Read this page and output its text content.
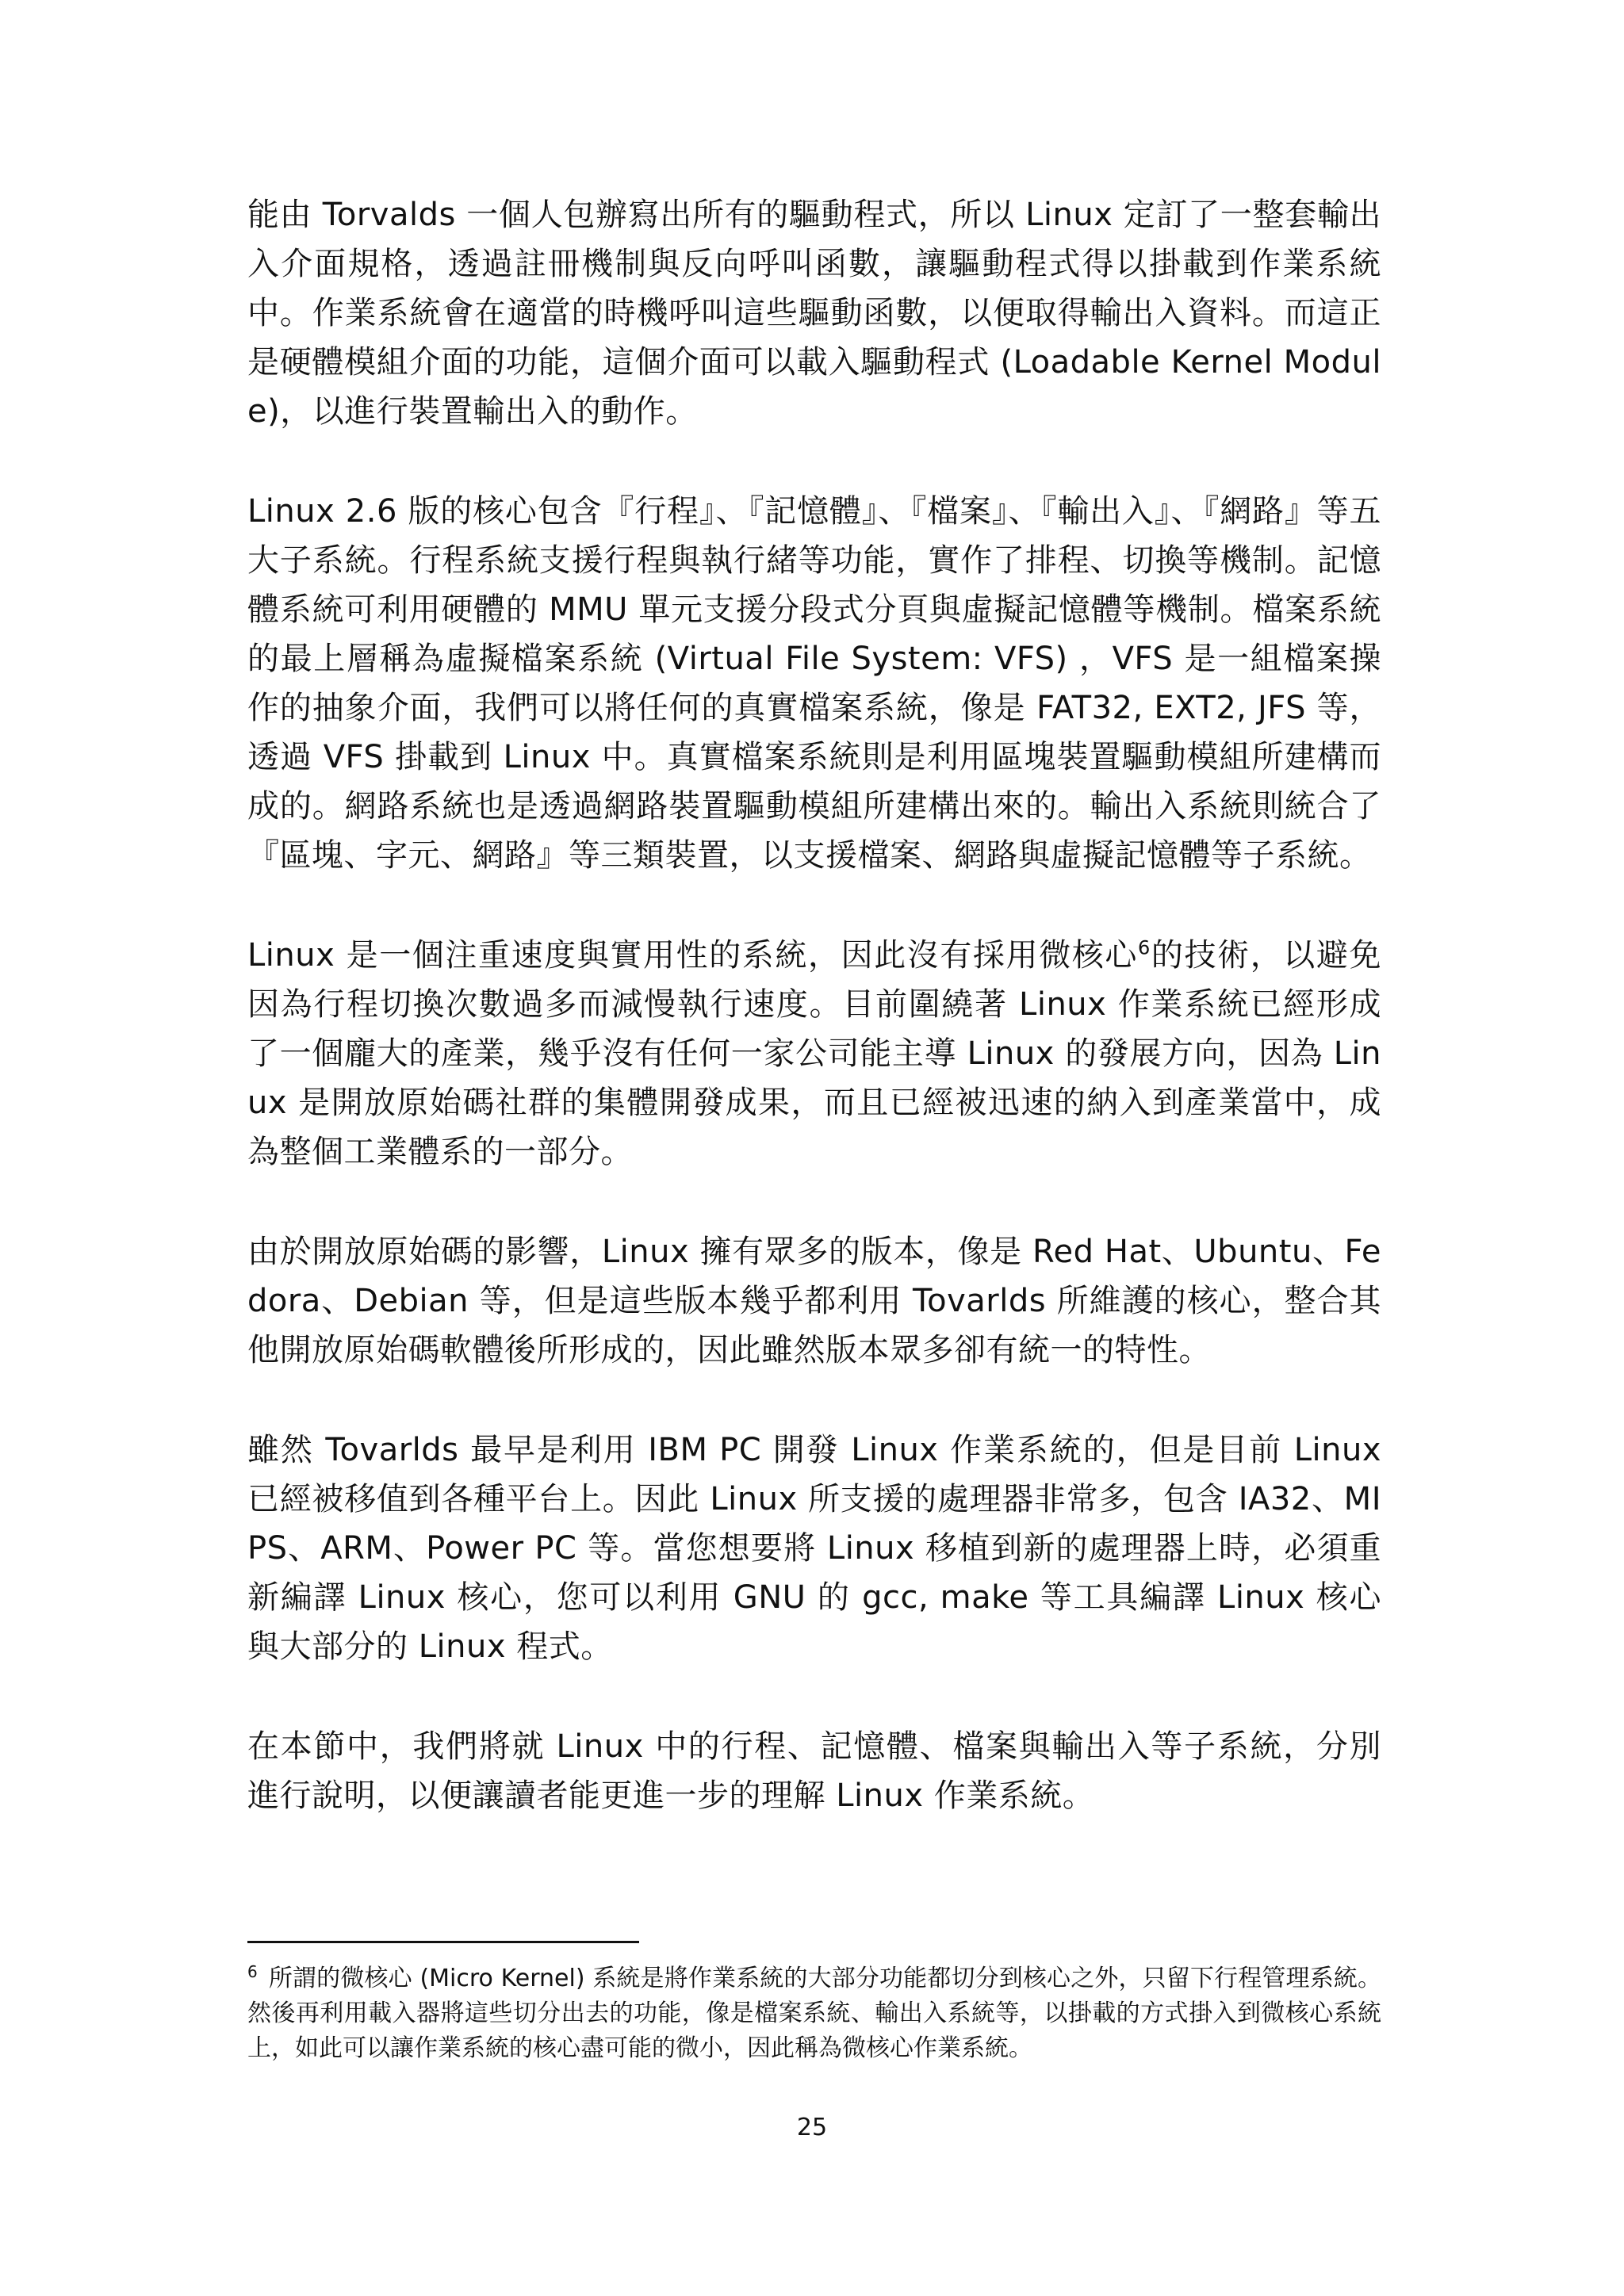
能由 Torvalds 一個人包辦寫出所有的驅動程式，所以 Linux 定訂了一整套輸出入介面規格，透過註冊機制與反向呼叫函數，讓驅動程式得以掛載到作業系統中。作業系統會在適當的時機呼叫這些驅動函數，以便取得輸出入資料。而這正是硬體模組介面的功能，這個介面可以載入驅動程式 (Loadable Kernel Module)，以進行裝置輸出入的動作。

Linux 2.6 版的核心包含『行程』、『記憶體』、『檔案』、『輸出入』、『網路』等五大子系統。行程系統支援行程與執行緒等功能，實作了排程、切換等機制。記憶體系統可利用硬體的 MMU 單元支援分段式分頁與虛擬記憶體等機制。檔案系統的最上層稱為虛擬檔案系統 (Virtual File System: VFS) ，VFS 是一組檔案操作的抽象介面，我們可以將任何的真實檔案系統，像是 FAT32, EXT2, JFS 等，透過 VFS 掛載到 Linux 中。真實檔案系統則是利用區塊裝置驅動模組所建構而成的。網路系統也是透過網路裝置驅動模組所建構出來的。輸出入系統則統合了『區塊、字元、網路』等三類裝置，以支援檔案、網路與虛擬記憶體等子系統。

Linux 是一個注重速度與實用性的系統，因此沒有採用微核心$^6$的技術，以避免因為行程切換次數過多而減慢執行速度。目前圍繞著 Linux 作業系統已經形成了一個龐大的產業，幾乎沒有任何一家公司能主導 Linux 的發展方向，因為 Linux 是開放原始碼社群的集體開發成果，而且已經被迅速的納入到產業當中，成為整個工業體系的一部分。

由於開放原始碼的影響，Linux 擁有眾多的版本，像是 Red Hat、Ubuntu、Fedora、Debian 等，但是這些版本幾乎都利用 Tovarlds 所維護的核心，整合其他開放原始碼軟體後所形成的，因此雖然版本眾多卻有統一的特性。

雖然 Tovarlds 最早是利用 IBM PC 開發 Linux 作業系統的，但是目前 Linux 已經被移值到各種平台上。因此 Linux 所支援的處理器非常多，包含 IA32、MIPS、ARM、Power PC 等。當您想要將 Linux 移植到新的處理器上時，必須重新編譯 Linux 核心，您可以利用 GNU 的 gcc, make 等工具編譯 Linux 核心與大部分的 Linux 程式。

在本節中，我們將就 Linux 中的行程、記憶體、檔案與輸出入等子系統，分別進行說明，以便讓讀者能更進一步的理解 Linux 作業系統。

$^6$ 所謂的微核心 (Micro Kernel) 系統是將作業系統的大部分功能都切分到核心之外，只留下行程管理系統。然後再利用載入器將這些切分出去的功能，像是檔案系統、輸出入系統等，以掛載的方式掛入到微核心系統上，如此可以讓作業系統的核心盡可能的微小，因此稱為微核心作業系統。

25
